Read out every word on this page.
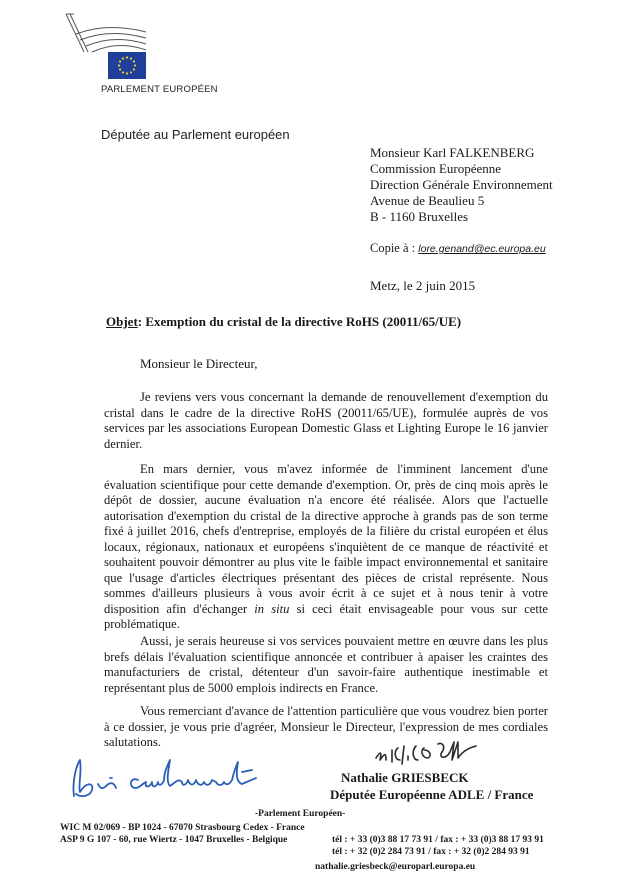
PARLEMENT EUROPÉEN
Députée au Parlement européen
Monsieur Karl FALKENBERG
Commission Européenne
Direction Générale Environnement
Avenue de Beaulieu 5
B - 1160 Bruxelles
Copie à : lore.genand@ec.europa.eu
Metz, le 2 juin 2015
Objet: Exemption du cristal de la directive RoHS (20011/65/UE)
Monsieur le Directeur,
Je reviens vers vous concernant la demande de renouvellement d'exemption du cristal dans le cadre de la directive RoHS (20011/65/UE), formulée auprès de vos services par les associations European Domestic Glass et Lighting Europe le 16 janvier dernier.
En mars dernier, vous m'avez informée de l'imminent lancement d'une évaluation scientifique pour cette demande d'exemption. Or, près de cinq mois après le dépôt de dossier, aucune évaluation n'a encore été réalisée. Alors que l'actuelle autorisation d'exemption du cristal de la directive approche à grands pas de son terme fixé à juillet 2016, chefs d'entreprise, employés de la filière du cristal européen et élus locaux, régionaux, nationaux et européens s'inquiètent de ce manque de réactivité et souhaitent pouvoir démontrer au plus vite le faible impact environnemental et sanitaire que l'usage d'articles électriques présentant des pièces de cristal représente. Nous sommes d'ailleurs plusieurs à vous avoir écrit à ce sujet et à nous tenir à votre disposition afin d'échanger in situ si ceci était envisageable pour vous sur cette problématique.
Aussi, je serais heureuse si vos services pouvaient mettre en œuvre dans les plus brefs délais l'évaluation scientifique annoncée et contribuer à apaiser les craintes des manufacturiers de cristal, détenteur d'un savoir-faire authentique inestimable et représentant plus de 5000 emplois indirects en France.
Vous remerciant d'avance de l'attention particulière que vous voudrez bien porter à ce dossier, je vous prie d'agréer, Monsieur le Directeur, l'expression de mes cordiales salutations.
Nathalie GRIESBECK
Députée Européenne ADLE / France
-Parlement Européen-
WIC M 02/069 - BP 1024 - 67070 Strasbourg Cedex - France
ASP 9 G 107 - 60, rue Wiertz - 1047 Bruxelles - Belgique	tél : + 33 (0)3 88 17 73 91 / fax : + 33 (0)3 88 17 93 91
tél : + 32 (0)2 284 73 91 / fax : + 32 (0)2 284 93 91
nathalie.griesbeck@europarl.europa.eu
